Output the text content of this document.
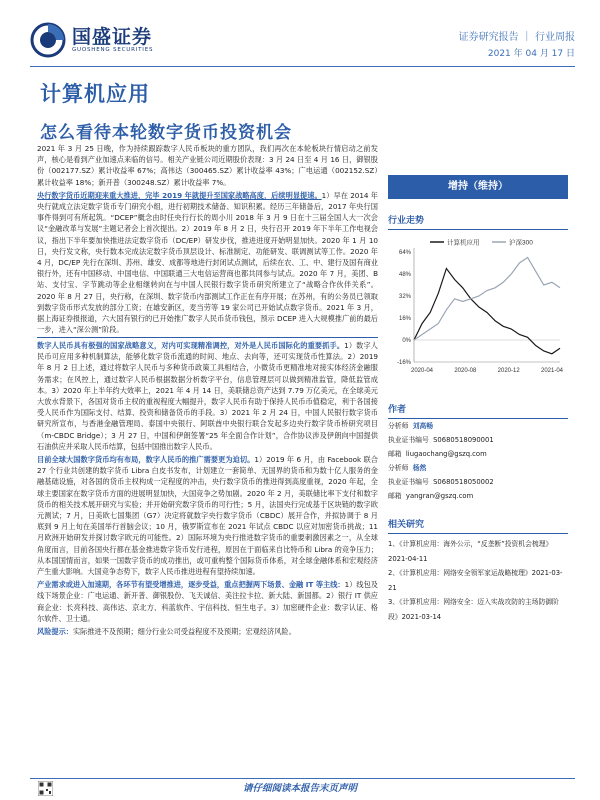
国盛证券
GUOSHENG SECURITIES
证券研究报告 ｜ 行业周报
2021 年 04 月 17 日
计算机应用
怎么看待本轮数字货币投资机会

2021 年 3 月 25 日晚，作为持续跟踪数字人民币板块的重方团队，我们再次在本轮板块行情启动之前发声，核心是看到产业加速点来临的信号。相关产业链公司近期股价表现：3 月 24 日至 4 月 16 日，御银股份（002177.SZ）累计收益率 67%；高伟达（300465.SZ）累计收益率 43%；广电运通（002152.SZ）累计收益率 18%；新开普（300248.SZ）累计收益率 7%。

央行数字货币近期迎来重大推进，完毕 2019 年就提升至国家战略高度，后续明显提速。1）早在 2014 年央行就成立法定数字货币专门研究小组，进行初期技术储备、知识积累。经历三年储备后，2017 年央行国事件得到可有所起筑。“DCEP”概念由时任央行行长的周小川 2018 年 3 月 9 日在十三届全国人大一次会议“金融改革与发展”主题记者会上首次提出。2）2019 年 8 月 2 日，央行召开 2019 年下半年工作电视会议，指出下半年要加快推进法定数字货币（DC/EP）研发步伐，推进进度开始明显加快。2020 年 1 月 10 日，央行发文称，央行数本完成法定数字货币顶层设计、标准制定、功能研发、联调测试等工作。2020 年 4 月，DC/EP 先行在深圳、苏州、雄安、成都等地进行封闭试点测试，后续在农、工、中、建行及国有商业银行外，还有中国移动、中国电信、中国联通三大电信运营商也都共同参与试点。2020 年 7 月，美团、B 站、支付宝、字节跳动等企业相继转向在与中国人民银行数字货币研究所建立了“战略合作伙伴关系”。2020 年 8 月 27 日，央行称，在深圳、数字货币内部测试工作正在有序开展；在苏州，有的公务员已领取到数字货币形式发放的部分工资；在雄安新区，麦当劳等 19 家公司已开始试点数字货币。2021 年 3 月，据上海证券报报道，六大国有银行的已开始推广数字人民币货币钱包，预示 DCEP 进入大规模推广前的最后一步，进入“深公测”阶段。

数字人民币具有极强的国家战略意义，对内可实现精准调控，对外是人民币国际化的重要抓手。1）数字人民币可应用多种机制算法，能够化数字货币流通的时间、地点、去向等，还可实现货币性算法。2）2019 年 8 月 2 日上述，通过将数字人民币与多种货币政策工具相结合，小微货币更精准地对接实体经济金融服务需求；在风控上，通过数字人民币根据数据分析数字平台，信息管理层可以做到精准监管，降低监管成本。3）2020 年上半年约大效率上，2021 年 4 月 14 日，美联储总资产达到 7.79 万亿美元，在全球美元大放水背景下，各国对货币主权的重视程度大幅提升，数字人民币有助于保持人民币币值稳定，利于各国接受人民币作为国际支付、结算、投资和储备货币的手段。3）2021 年 2 月 24 日，中国人民银行数字货币研究所宣布，与香港金融管理局、泰国中央银行、阿联酋中央银行联合发起多边央行数字货币桥研究项目（m-CBDC Bridge）；3 月 27 日，中国和伊朗签署“25 年全面合作计划”，合作协议涉及伊朗向中国提供石油供应并采取人民币结算，包括中国推出数字人民币。

目前全球大国数字货币均有布局，数字人民币的推广需要更为迫切。1）2019 年 6 月，由 Facebook 联合 27 个行业共创建的数字货币 Libra 白皮书发布，计划建立一套简单、无国界的货币和为数十亿人服务的金融基础设施，对各国的货币主权构成一定程度的冲击，央行数字货币的推进得到高度重视，2020 年起，全球主要国家在数字货币方面的进展明显加快，大国竞争之势加剧。2020 年 2 月，美联储比率下支付和数字货币的相关技术展开研究与实验；并开始研究数字货币的可行性；5 月，法国央行完成基于区块链的数字欧元测试；7 月，日美欧七国集团（G7）决定将就数字央行数字货币（CBDC）展开合作，并拟协调于 8 月底到 9 月上旬在美国举行首脑会议；10 月，俄罗斯宣布在 2021 年试点 CBDC 以应对加密货币挑战；11 月欧洲开始研发并探讨数字欧元的可能性。2）国际环境为央行推进数字货币的重要刺激因素之一，从全球角度而言，目前各国央行都在基金推进数字货币发行进程，原因在于面临来自比特币和 Libra 的竞争压力；从本国国情而言，如果一国数字货币的成功推出，或可重构整个国际货币体系，对全球金融体系和宏观经济产生重大影响。大国竞争态势下，数字人民币推进进程有望持续加速。

产业需求或进入加速期，各环节有望受增推进，逐步受益，重点把握两下场景、金融 IT 等主线：1）线包及线下场景企业：广电运通、新开普、御银股份、飞天诚信、美注拉卡拉、新大陆、新国都。2）银行 IT 供应商企业：长亮科技、高伟达、京北方、科蓝软件、宇信科技、恒生电子。3）加密硬件企业：数字认证、格尔软件、卫士通。

风险提示：实际推进不及预期；细分行业公司受益程度不及预期；宏观经济风险。

增持（维持）
行业走势
计算机应用	沪深300
64%
48%
32%
16%
0%
-16%
2020-04	2020-08	2020-12	2021-04
作者
分析师 刘高畅
执业证书编号 S0680518090001
邮箱 liugaochang@gszq.com
分析师 杨然
执业证书编号 S0680518050002
邮箱 yangran@gszq.com
相关研究
1、《计算机应用：海外公示，“反垄断”投资机会梳理》2021-04-11
2、《计算机应用：网络安全领军家运战略梳理》2021-03-21
3、《计算机应用：网络安全：迈入实战攻防的主场防御阶段》2021-03-14
请仔细阅读本报告末页声明
